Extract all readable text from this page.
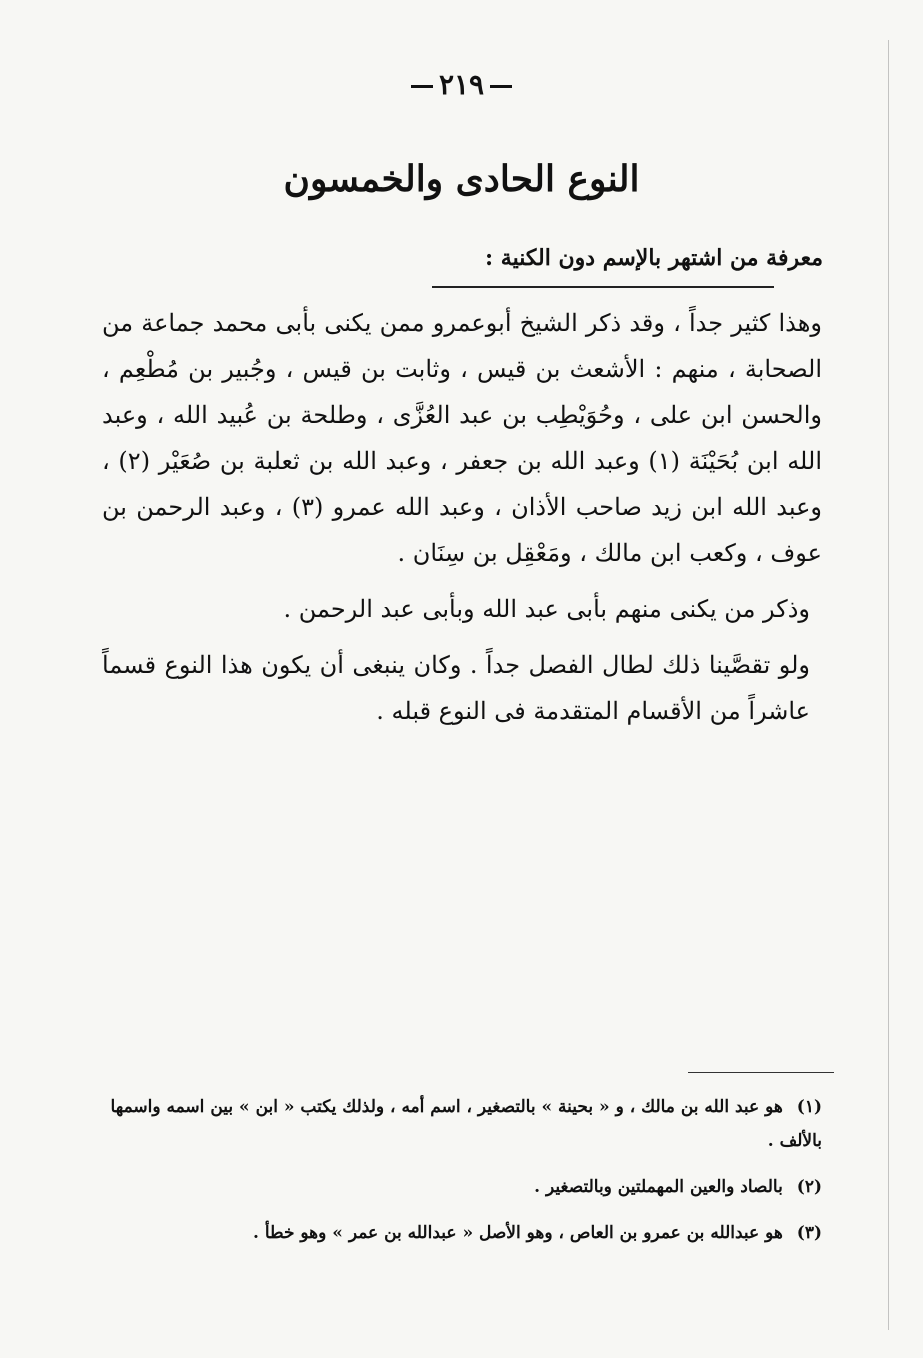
٢١٩
النوع الحادى والخمسون
معرفة من اشتهر بالإسم دون الكنية :

وهذا كثير جداً ، وقد ذكر الشيخ أبوعمرو ممن يكنى بأبى محمد جماعة من الصحابة ، منهم : الأشعث بن قيس ، وثابت بن قيس ، وجُبير بن مُطْعِم ، والحسن ابن على ، وحُوَيْطِب بن عبد العُزَّى ، وطلحة بن عُبيد الله ، وعبد الله ابن بُحَيْنَة (١) وعبد الله بن جعفر ، وعبد الله بن ثعلبة بن صُعَيْر (٢) ، وعبد الله ابن زيد صاحب الأذان ، وعبد الله عمرو (٣) ، وعبد الرحمن بن عوف ، وكعب ابن مالك ، ومَعْقِل بن سِنَان .

وذكر من يكنى منهم بأبى عبد الله وبأبى عبد الرحمن .

ولو تقصَّينا ذلك لطال الفصل جداً . وكان ينبغى أن يكون هذا النوع قسماً عاشراً من الأقسام المتقدمة فى النوع قبله .

(١) هو عبد الله بن مالك ، و « بحينة » بالتصغير ، اسم أمه ، ولذلك يكتب « ابن » بين اسمه واسمها بالألف .

(٢) بالصاد والعين المهملتين وبالتصغير .

(٣) هو عبدالله بن عمرو بن العاص ، وهو الأصل « عبدالله بن عمر » وهو خطأ .
